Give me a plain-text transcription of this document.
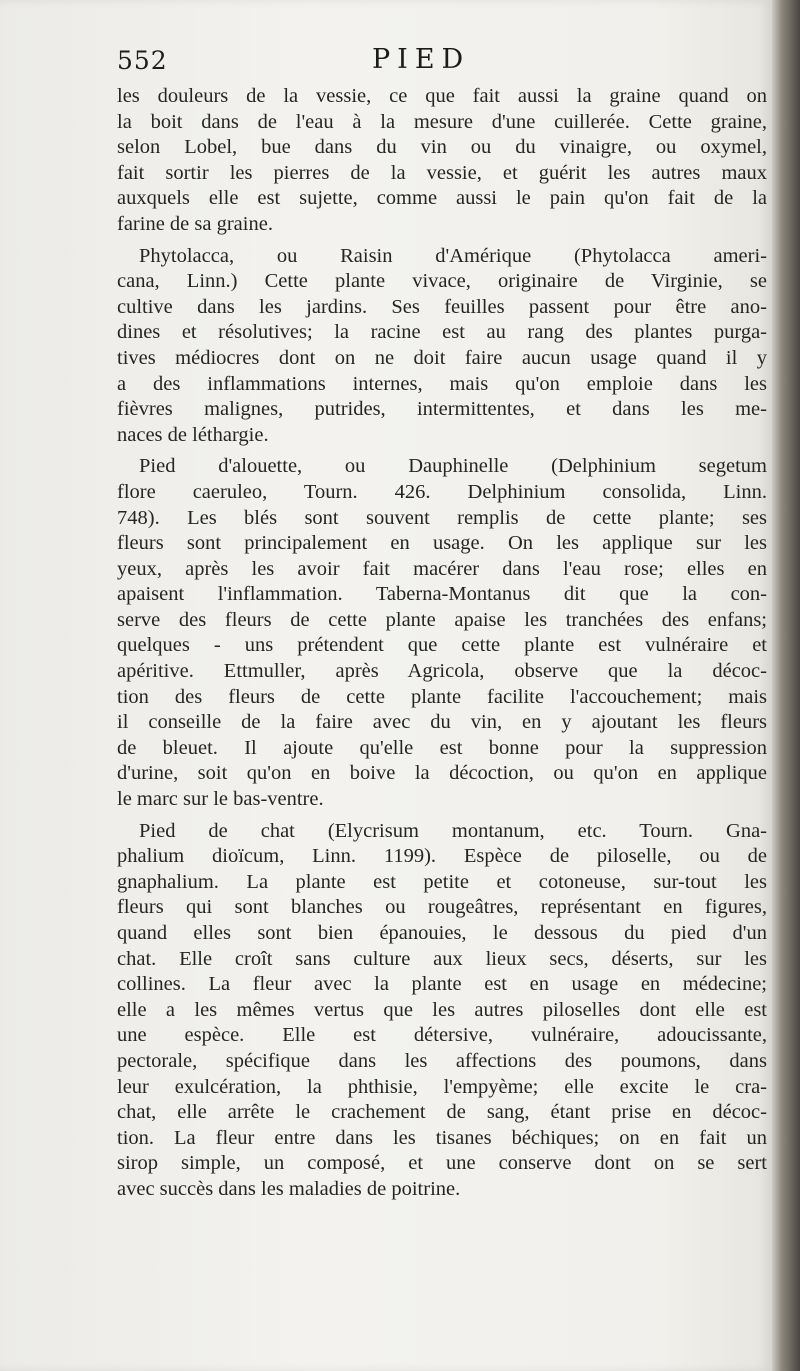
552	PIED
les douleurs de la vessie, ce que fait aussi la graine quand on
la boit dans de l'eau à la mesure d'une cuillerée. Cette graine,
selon Lobel, bue dans du vin ou du vinaigre, ou oxymel,
fait sortir les pierres de la vessie, et guérit les autres maux
auxquels elle est sujette, comme aussi le pain qu'on fait de la
farine de sa graine.
Phytolacca, ou Raisin d'Amérique (Phytolacca ameri-
cana, Linn.) Cette plante vivace, originaire de Virginie, se
cultive dans les jardins. Ses feuilles passent pour être ano-
dines et résolutives; la racine est au rang des plantes purga-
tives médiocres dont on ne doit faire aucun usage quand il y
a des inflammations internes, mais qu'on emploie dans les
fièvres malignes, putrides, intermittentes, et dans les me-
naces de léthargie.
Pied d'alouette, ou Dauphinelle (Delphinium segetum
flore caeruleo, Tourn. 426. Delphinium consolida, Linn.
748). Les blés sont souvent remplis de cette plante; ses
fleurs sont principalement en usage. On les applique sur les
yeux, après les avoir fait macérer dans l'eau rose; elles en
apaisent l'inflammation. Taberna-Montanus dit que la con-
serve des fleurs de cette plante apaise les tranchées des enfans;
quelques - uns prétendent que cette plante est vulnéraire et
apéritive. Ettmuller, après Agricola, observe que la décoc-
tion des fleurs de cette plante facilite l'accouchement; mais
il conseille de la faire avec du vin, en y ajoutant les fleurs
de bleuet. Il ajoute qu'elle est bonne pour la suppression
d'urine, soit qu'on en boive la décoction, ou qu'on en applique
le marc sur le bas-ventre.
Pied de chat (Elycrisum montanum, etc. Tourn. Gna-
phalium dioïcum, Linn. 1199). Espèce de piloselle, ou de
gnaphalium. La plante est petite et cotoneuse, sur-tout les
fleurs qui sont blanches ou rougeâtres, représentant en figures,
quand elles sont bien épanouies, le dessous du pied d'un
chat. Elle croît sans culture aux lieux secs, déserts, sur les
collines. La fleur avec la plante est en usage en médecine;
elle a les mêmes vertus que les autres piloselles dont elle est
une espèce. Elle est détersive, vulnéraire, adoucissante,
pectorale, spécifique dans les affections des poumons, dans
leur exulcération, la phthisie, l'empyème; elle excite le cra-
chat, elle arrête le crachement de sang, étant prise en décoc-
tion. La fleur entre dans les tisanes béchiques; on en fait un
sirop simple, un composé, et une conserve dont on se sert
avec succès dans les maladies de poitrine.
